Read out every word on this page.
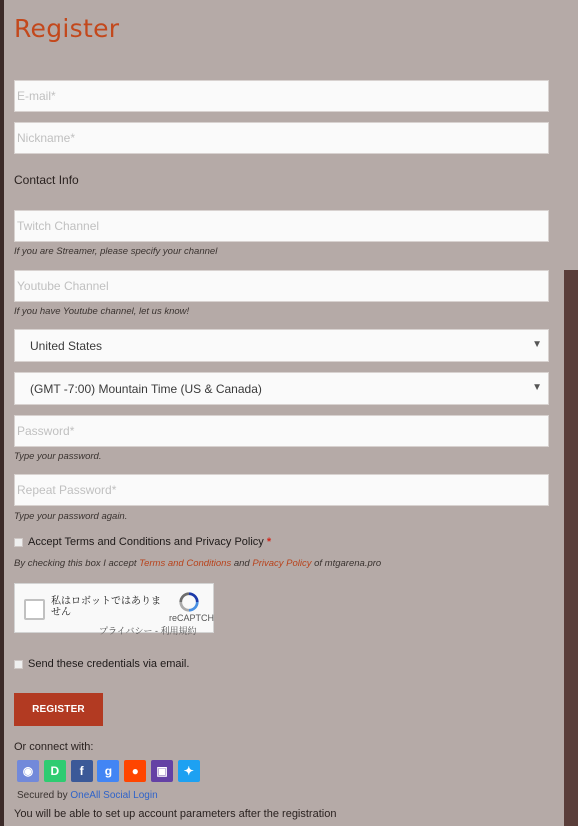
Register
E-mail*
Nickname*
Contact Info
Twitch Channel
If you are Streamer, please specify your channel
Youtube Channel
If you have Youtube channel, let us know!
United States	▼
(GMT -7:00) Mountain Time (US & Canada)	▼
Type your password.
Type your password again.
Accept Terms and Conditions and Privacy Policy *
By checking this box I accept Terms and Conditions and Privacy Policy of mtgarena.pro
私はロボットではありません	reCAPTCH
プライバシー - 利用規約
Send these credentials via email.
REGISTER
Or connect with:
◉ D f g ● ▣ ✦
Secured by OneAll Social Login
You will be able to set up account parameters after the registration
